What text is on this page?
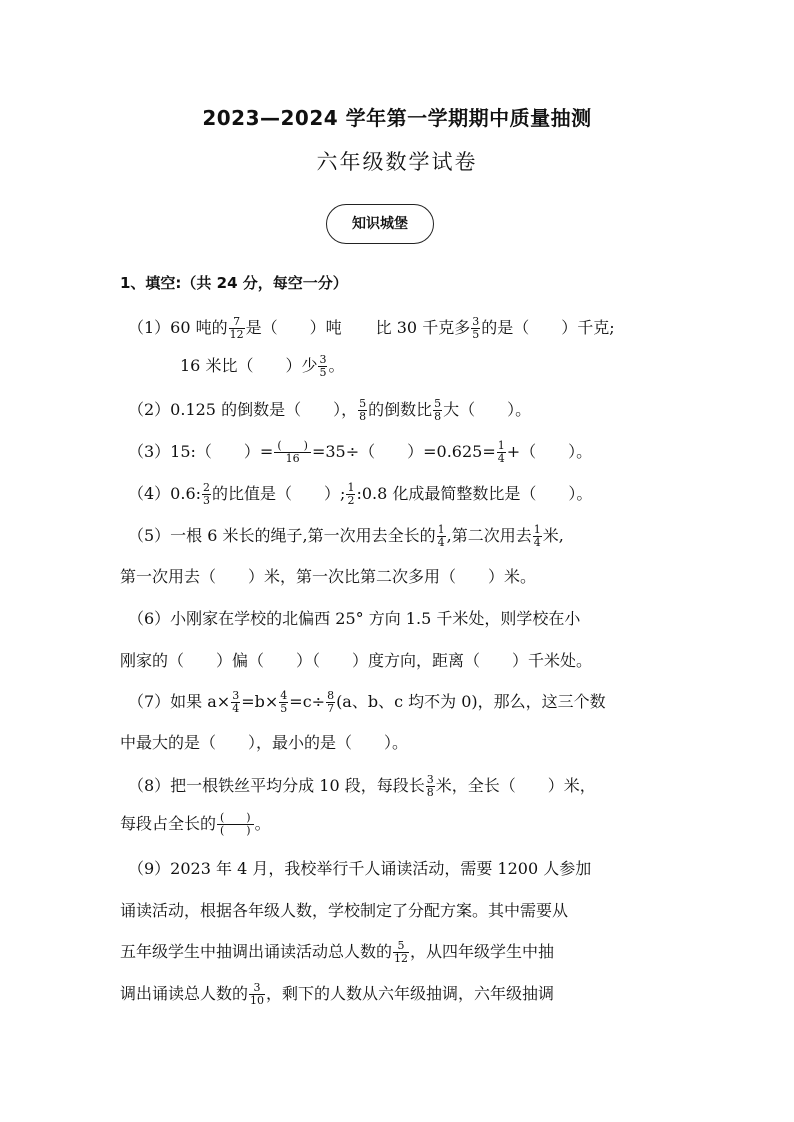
2023—2024 学年第一学期期中质量抽测
六年级数学试卷
知识城堡
1、填空:（共 24 分，每空一分）
（1）60 吨的 $\frac{7}{12}$ 是（　　）吨 比 30 千克多 $\frac{3}{5}$ 的是（　　）千克;
16 米比（　　）少 $\frac{3}{5}$ 。
（2）0.125 的倒数是（　　）， $\frac{5}{8}$ 的倒数比 $\frac{5}{8}$ 大（　　）。
（3）15:（　　）= $\frac{( )}{16} =35\div$（　　）$=0.625= \frac{1}{4}$ +（　　）。
（4）0.6: $\frac{2}{3}$ 的比值是（　　）; $\frac{1}{2}$ :0.8 化成最简整数比是（　　）。
（5）一根 6 米长的绳子,第一次用去全长的 $\frac{1}{4}$ ,第二次用去 $\frac{1}{4}$ 米,
第一次用去（　　）米，第一次比第二次多用（　　）米。
（6）小刚家在学校的北偏西 25° 方向 1.5 千米处，则学校在小
刚家的（　　）偏（　　）（　　）度方向，距离（　　）千米处。
（7）如果 $a\times \frac{3}{4} =b\times \frac{4}{5} =c\div \frac{8}{7} (a$、b、c 均不为 0)，那么，这三个数
中最大的是（　　），最小的是（　　）。
（8）把一根铁丝平均分成 10 段，每段长 $\frac{3}{8}$ 米，全长（　　）米，
每段占全长的 $\frac{( )}{( )}$ 。
（9）2023 年 4 月，我校举行千人诵读活动，需要 1200 人参加
诵读活动，根据各年级人数，学校制定了分配方案。其中需要从
五年级学生中抽调出诵读活动总人数的 $\frac{5}{12}$ ，从四年级学生中抽
调出诵读总人数的 $\frac{3}{10}$ ，剩下的人数从六年级抽调，六年级抽调
